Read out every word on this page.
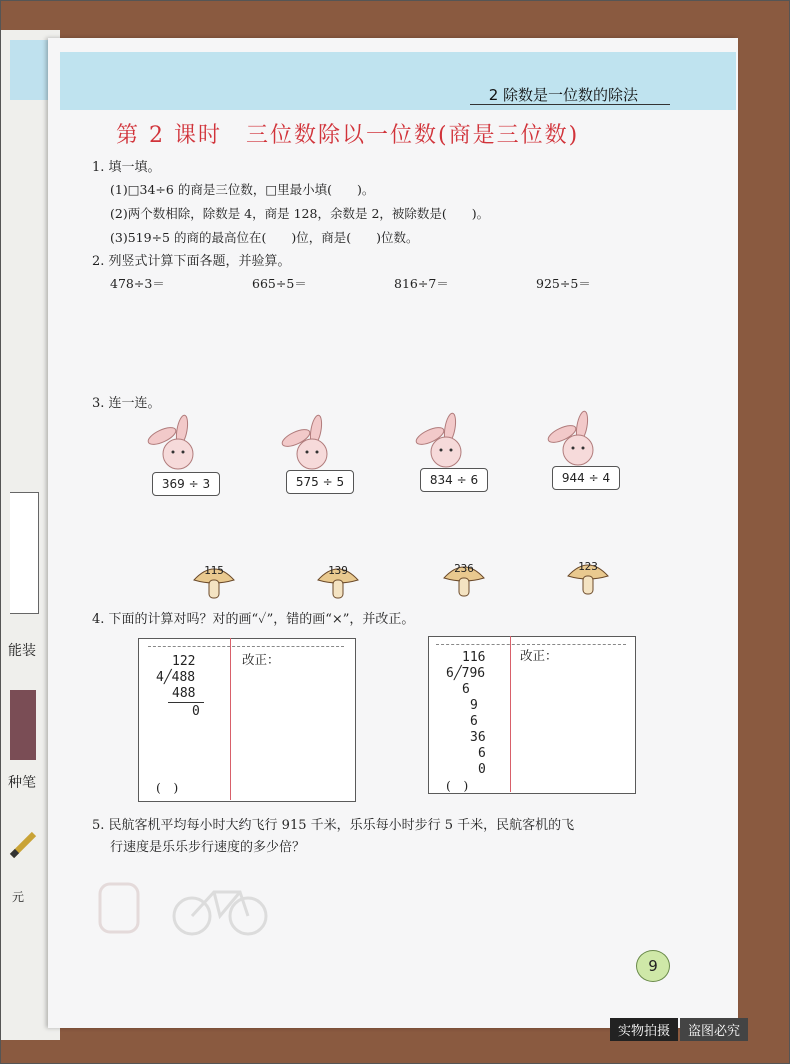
能装
种笔
元
2 除数是一位数的除法
第 2 课时　三位数除以一位数(商是三位数)
1. 填一填。
(1)□34÷6 的商是三位数，□里最小填(　　)。
(2)两个数相除，除数是 4，商是 128，余数是 2，被除数是(　　)。
(3)519÷5 的商的最高位在(　　)位，商是(　　)位数。
2. 列竖式计算下面各题，并验算。
478÷3＝	665÷5＝	816÷7＝	925÷5＝
3. 连一连。
369 ÷ 3	575 ÷ 5	834 ÷ 6	944 ÷ 4
115	139	236	123
4. 下面的计算对吗？对的画“✓”，错的画“×”，并改正。
改正：
122
4╱488
488
0
(　)
改正：
116
6╱796
6
9
6
36
6
0
(　)
5. 民航客机平均每小时大约飞行 915 千米，乐乐每小时步行 5 千米，民航客机的飞
行速度是乐乐步行速度的多少倍？
9
实物拍摄	盗图必究
